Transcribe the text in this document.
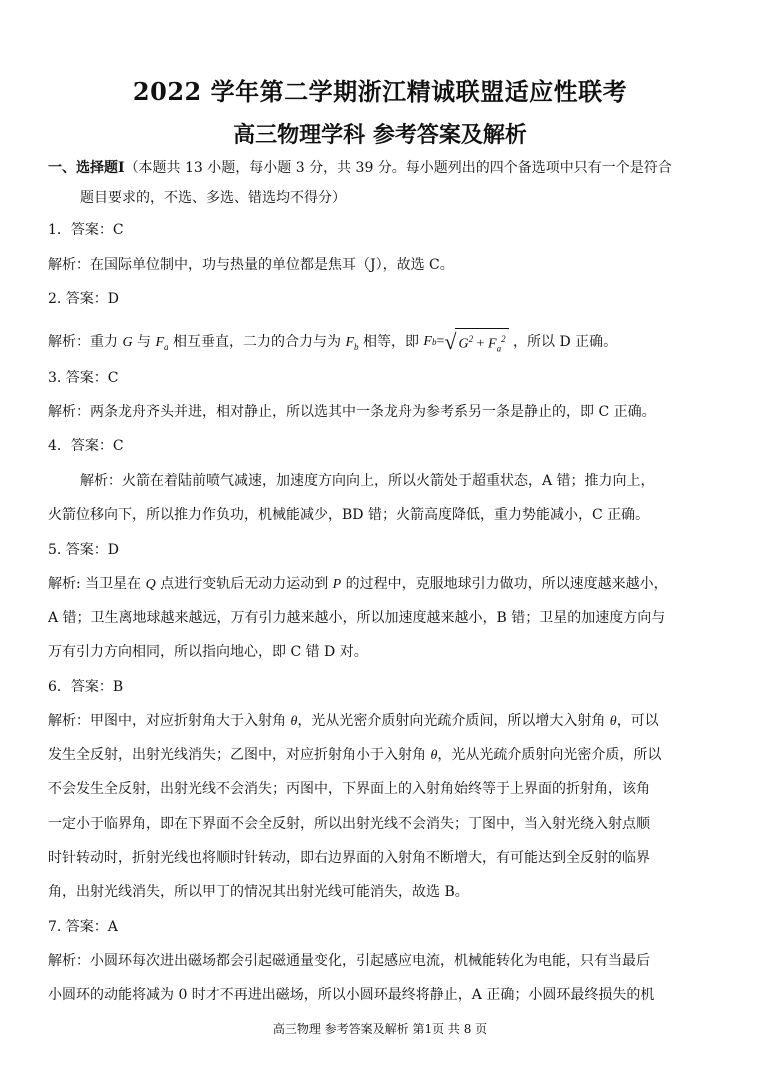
2022 学年第二学期浙江精诚联盟适应性联考
高三物理学科 参考答案及解析
一、选择题I（本题共 13 小题，每小题 3 分，共 39 分。每小题列出的四个备选项中只有一个是符合
题目要求的，不选、多选、错选均不得分）
1．答案：C
解析：在国际单位制中，功与热量的单位都是焦耳（J），故选 C。
2. 答案：D
解析：重力 G 与 $F_a$ 相互垂直，二力的合力与为 $F_b$ 相等，即 F b = √ $G^2 + F_a^2$ ，所以 D 正确。
3. 答案：C
解析：两条龙舟齐头并进，相对静止，所以选其中一条龙舟为参考系另一条是静止的，即 C 正确。
4．答案：C
解析：火箭在着陆前喷气减速，加速度方向向上，所以火箭处于超重状态，A 错；推力向上，
火箭位移向下，所以推力作负功，机械能减少，BD 错；火箭高度降低，重力势能减小，C 正确。
5. 答案：D
解析: 当卫星在 Q 点进行变轨后无动力运动到 P 的过程中，克服地球引力做功，所以速度越来越小，
A 错；卫生离地球越来越远，万有引力越来越小，所以加速度越来越小，B 错；卫星的加速度方向与
万有引力方向相同，所以指向地心，即 C 错 D 对。
6．答案：B
解析：甲图中，对应折射角大于入射角 θ，光从光密介质射向光疏介质间，所以增大入射角 θ，可以
发生全反射，出射光线消失；乙图中，对应折射角小于入射角 θ，光从光疏介质射向光密介质，所以
不会发生全反射，出射光线不会消失；丙图中，下界面上的入射角始终等于上界面的折射角，该角
一定小于临界角，即在下界面不会全反射，所以出射光线不会消失；丁图中，当入射光绕入射点顺
时针转动时，折射光线也将顺时针转动，即右边界面的入射角不断增大，有可能达到全反射的临界
角，出射光线消失，所以甲丁的情况其出射光线可能消失，故选 B。
7. 答案：A
解析：小圆环每次进出磁场都会引起磁通量变化，引起感应电流，机械能转化为电能，只有当最后
小圆环的动能将减为 0 时才不再进出磁场，所以小圆环最终将静止，A 正确；小圆环最终损失的机
高三物理 参考答案及解析 第1页 共 8 页
